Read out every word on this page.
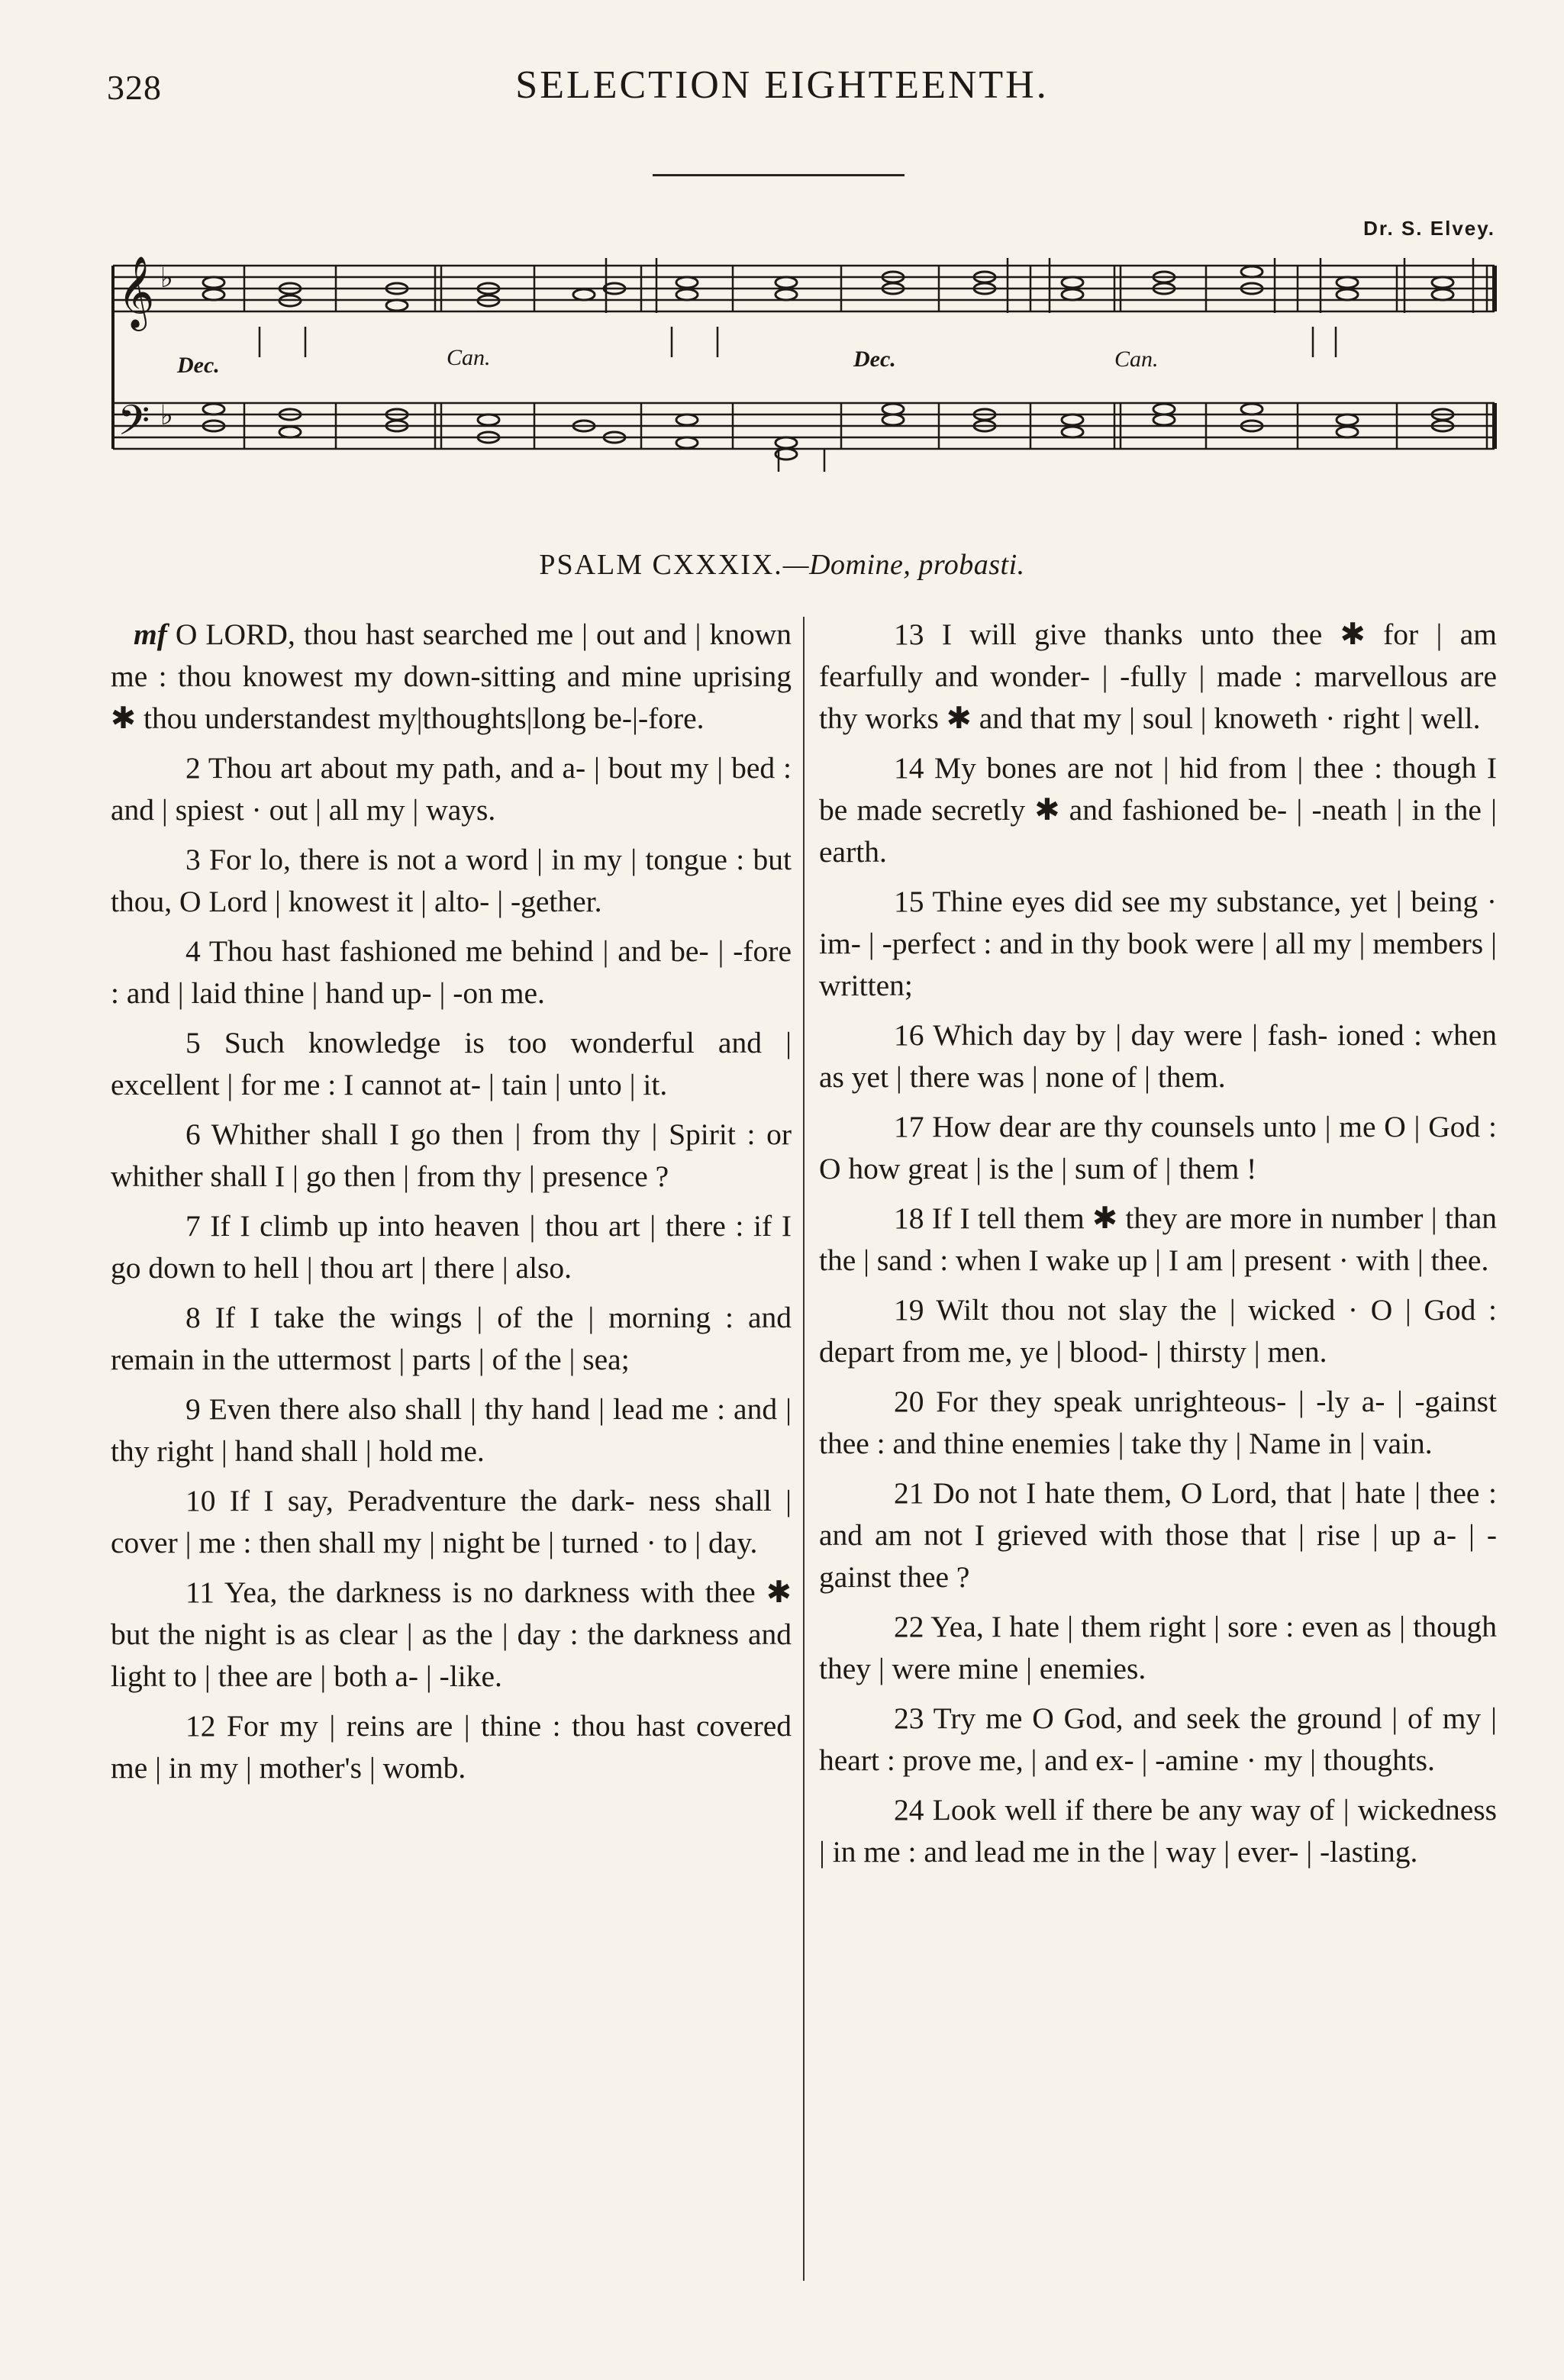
328	SELECTION EIGHTEENTH.
Dr. S. Elvey.
𝄞
𝄢
♭
♭
Dec.	Can.	Dec.	Can.
PSALM CXXXIX.—Domine, probasti.

mf O LORD, thou hast searched me | out and | known me : thou knowest my down-sitting and mine uprising ✱ thou understandest my|thoughts|long be-|-fore.

2 Thou art about my path, and a- | bout my | bed : and | spiest · out | all my | ways.

3 For lo, there is not a word | in my | tongue : but thou, O Lord | knowest it | alto- | -gether.

4 Thou hast fashioned me behind | and be- | -fore : and | laid thine | hand up- | -on me.

5 Such knowledge is too wonderful and | excellent | for me : I cannot at- | tain | unto | it.

6 Whither shall I go then | from thy | Spirit : or whither shall I | go then | from thy | presence ?

7 If I climb up into heaven | thou art | there : if I go down to hell | thou art | there | also.

8 If I take the wings | of the | morning : and remain in the uttermost | parts | of the | sea;

9 Even there also shall | thy hand | lead me : and | thy right | hand shall | hold me.

10 If I say, Peradventure the dark- ness shall | cover | me : then shall my | night be | turned · to | day.

11 Yea, the darkness is no darkness with thee ✱ but the night is as clear | as the | day : the darkness and light to | thee are | both a- | -like.

12 For my | reins are | thine : thou hast covered me | in my | mother's | womb.

13 I will give thanks unto thee ✱ for | am fearfully and wonder- | -fully | made : marvellous are thy works ✱ and that my | soul | knoweth · right | well.

14 My bones are not | hid from | thee : though I be made secretly ✱ and fashioned be- | -neath | in the | earth.

15 Thine eyes did see my substance, yet | being · im- | -perfect : and in thy book were | all my | members | written;

16 Which day by | day were | fash- ioned : when as yet | there was | none of | them.

17 How dear are thy counsels unto | me O | God : O how great | is the | sum of | them !

18 If I tell them ✱ they are more in number | than the | sand : when I wake up | I am | present · with | thee.

19 Wilt thou not slay the | wicked · O | God : depart from me, ye | blood- | thirsty | men.

20 For they speak unrighteous- | -ly a- | -gainst thee : and thine enemies | take thy | Name in | vain.

21 Do not I hate them, O Lord, that | hate | thee : and am not I grieved with those that | rise | up a- | -gainst thee ?

22 Yea, I hate | them right | sore : even as | though they | were mine | enemies.

23 Try me O God, and seek the ground | of my | heart : prove me, | and ex- | -amine · my | thoughts.

24 Look well if there be any way of | wickedness | in me : and lead me in the | way | ever- | -lasting.
